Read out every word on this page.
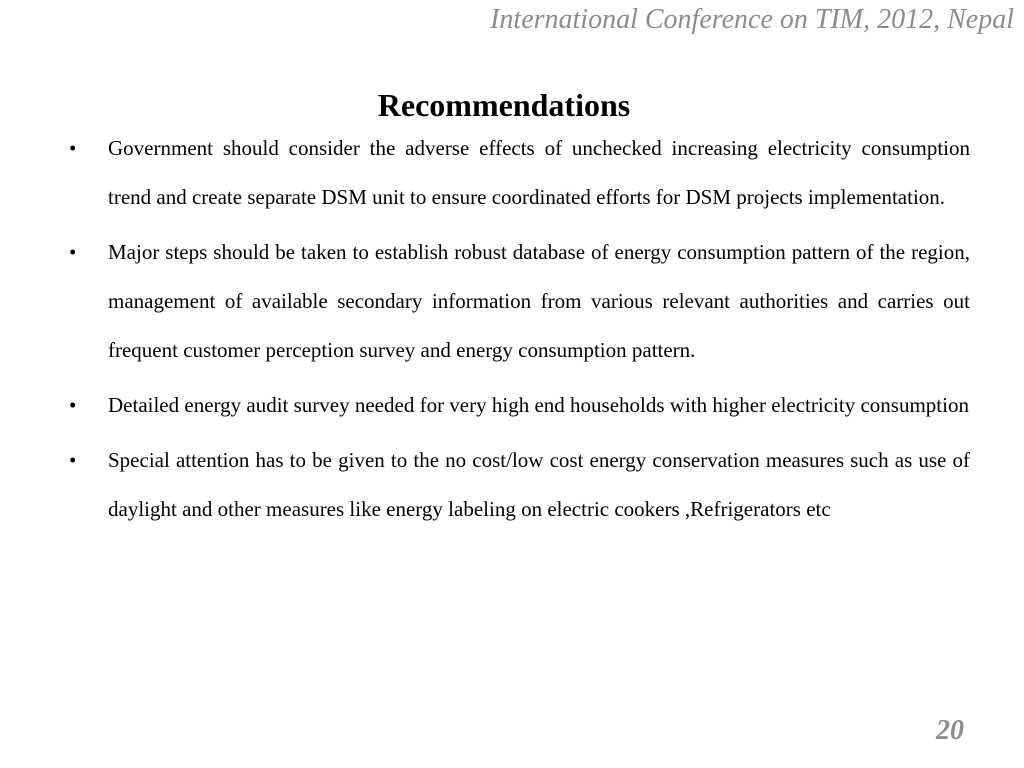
International Conference on TIM, 2012, Nepal
Recommendations
• Government should consider the adverse effects of unchecked increasing electricity consumption trend and create separate DSM unit to ensure coordinated efforts for DSM projects implementation.
• Major steps should be taken to establish robust database of energy consumption pattern of the region, management of available secondary information from various relevant authorities and carries out frequent customer perception survey and energy consumption pattern.
• Detailed energy audit survey needed for very high end households with higher electricity consumption
• Special attention has to be given to the no cost/low cost energy conservation measures such as use of daylight and other measures like energy labeling on electric cookers ,Refrigerators etc
20
